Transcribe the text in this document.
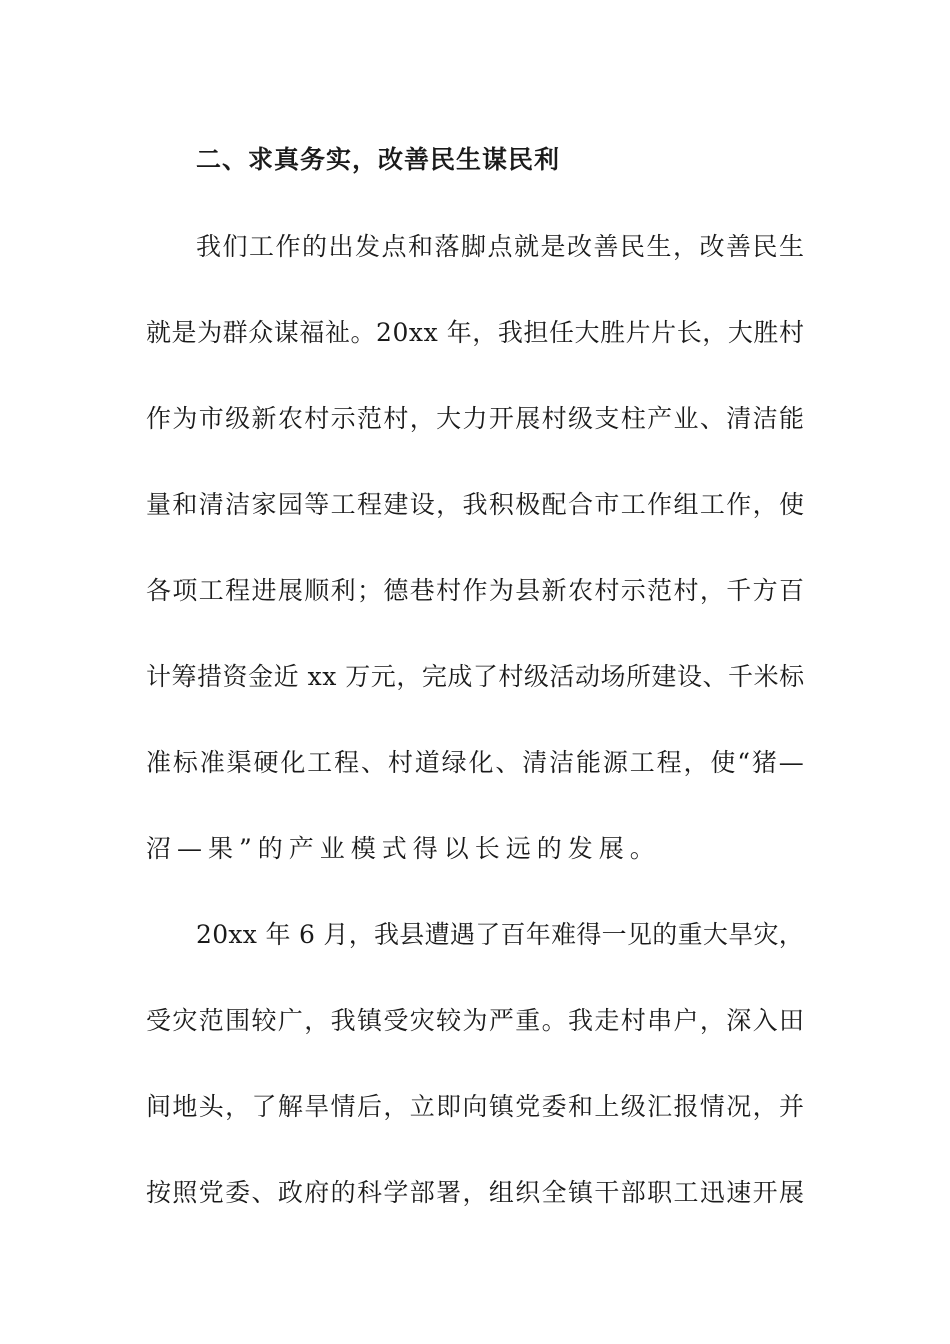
二、求真务实，改善民生谋民利
我们工作的出发点和落脚点就是改善民生，改善民生
就是为群众谋福祉。20xx 年，我担任大胜片片长，大胜村
作为市级新农村示范村，大力开展村级支柱产业、清洁能
量和清洁家园等工程建设，我积极配合市工作组工作，使
各项工程进展顺利；德巷村作为县新农村示范村，千方百
计筹措资金近 xx 万元，完成了村级活动场所建设、千米标
准标准渠硬化工程、村道绿化、清洁能源工程，使“猪—
沼—果”的产业模式得以长远的发展。
20xx 年 6 月，我县遭遇了百年难得一见的重大旱灾，
受灾范围较广，我镇受灾较为严重。我走村串户，深入田
间地头，了解旱情后，立即向镇党委和上级汇报情况，并
按照党委、政府的科学部署，组织全镇干部职工迅速开展
